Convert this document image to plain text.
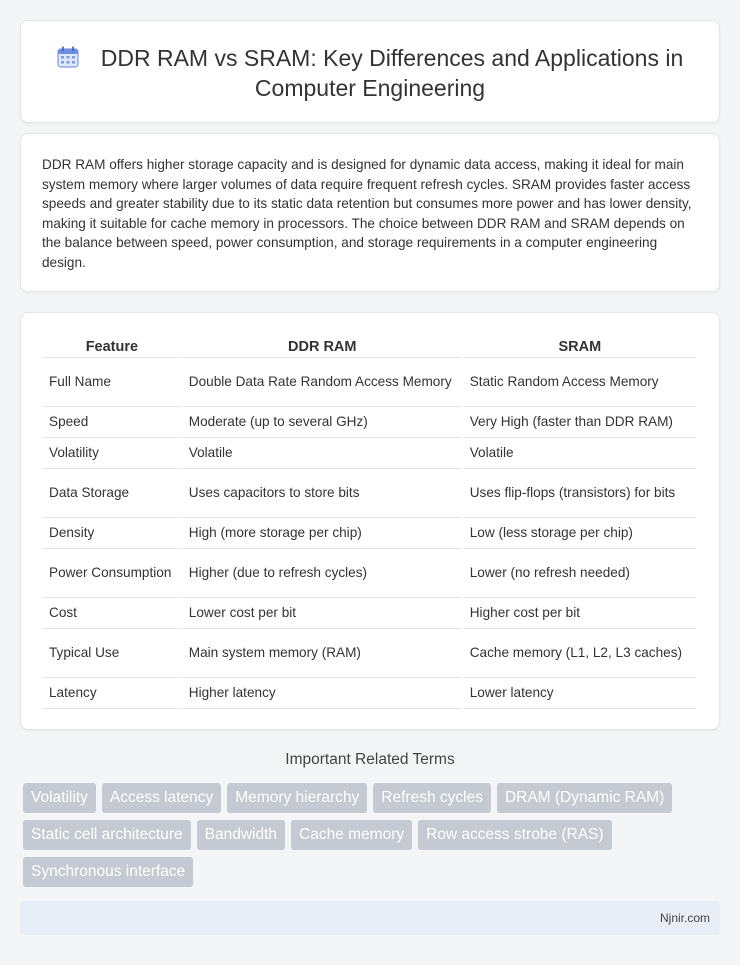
DDR RAM vs SRAM: Key Differences and Applications in Computer Engineering

DDR RAM offers higher storage capacity and is designed for dynamic data access, making it ideal for main system memory where larger volumes of data require frequent refresh cycles. SRAM provides faster access speeds and greater stability due to its static data retention but consumes more power and has lower density, making it suitable for cache memory in processors. The choice between DDR RAM and SRAM depends on the balance between speed, power consumption, and storage requirements in a computer engineering design.

Feature	DDR RAM	SRAM
Full Name	Double Data Rate Random Access Memory	Static Random Access Memory
Speed	Moderate (up to several GHz)	Very High (faster than DDR RAM)
Volatility	Volatile	Volatile
Data Storage	Uses capacitors to store bits	Uses flip-flops (transistors) for bits
Density	High (more storage per chip)	Low (less storage per chip)
Power Consumption	Higher (due to refresh cycles)	Lower (no refresh needed)
Cost	Lower cost per bit	Higher cost per bit
Typical Use	Main system memory (RAM)	Cache memory (L1, L2, L3 caches)
Latency	Higher latency	Lower latency
Important Related Terms
Volatility	Access latency	Memory hierarchy	Refresh cycles	DRAM (Dynamic RAM)
Static cell architecture	Bandwidth	Cache memory	Row access strobe (RAS)
Synchronous interface
Njnir.com
